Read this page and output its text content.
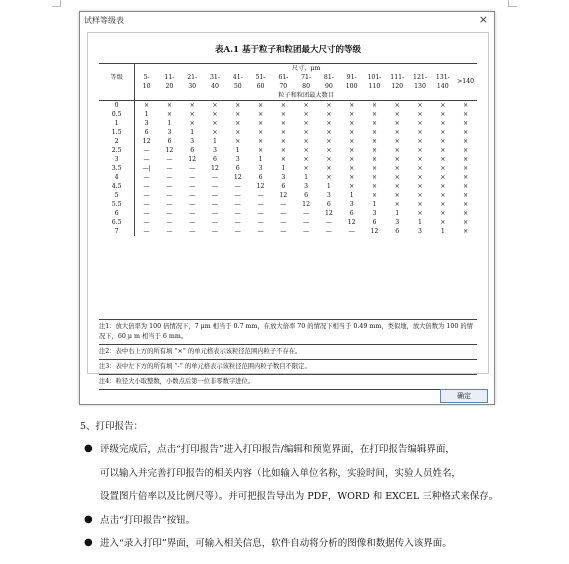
试样等级表	×
表A.1 基于粒子和粒团最大尺寸的等级
等级	尺寸，μm														
	5-	11-	21-	31-	41-	51-	61-	71-	81-	91-	101-	111-	121-	131-	>140
	10	20	30	40	50	60	70	80	90	100	110	120	130	140	
	粒子和粒团最大数目														
0	×	×	×	×	×	×	×	×	×	×	×	×	×	×	×
0.5	1	×	×	×	×	×	×	×	×	×	×	×	×	×	×
1	3	1	×	×	×	×	×	×	×	×	×	×	×	×	×
1.5	6	3	1	×	×	×	×	×	×	×	×	×	×	×	×
2	12	6	3	1	×	×	×	×	×	×	×	×	×	×	×
2.5	—	12	6	3	1	×	×	×	×	×	×	×	×	×	×
3	—	—	12	6	3	1	×	×	×	×	×	×	×	×	×
3.5	—|	—	—	12	6	3	1	×	×	×	×	×	×	×	×
4	—	—	—	—	12	6	3	1	×	×	×	×	×	×	×
4.5	—	—	—	—	—	12	6	3	1	×	×	×	×	×	×
5	—	—	—	—	—	—	12	6	3	1	×	×	×	×	×
5.5	—	—	—	—	—	—	—	12	6	3	1	×	×	×	×
6	—	—	—	—	—	—	—	—	12	6	3	1	×	×	×
6.5	—	—	—	—	—	—	—	—	—	12	6	3	1	×	×
7	—	—	—	—	—	—	—	—	—	—	12	6	3	1	×
注1：放大倍率为 100 倍情况下，7 μm 相当于 0.7 mm，在放大倍率 70 的情况下相当于 0.49 mm，类似地，放大倍数为 100 的情况下，60 μ m 相当于 6 mm。
注2：表中右上方的所有填 “×” 的单元格表示该粒径范围内粒子不存在。
注3：表中左下方的所有填 “-” 的单元格表示该粒径范围内粒子数目不限定。
注4：粒径大小取整数，小数点后第一位非零数字进位。
确定
5、打印报告：
● 评级完成后，点击“打印报告”进入打印报告/编辑和预览界面，在打印报告编辑界面，
可以输入并完善打印报告的相关内容（比如输入单位名称，实验时间，实验人员姓名，
设置图片倍率以及比例尺等）。并可把报告导出为 PDF，WORD 和 EXCEL 三种格式来保存。
● 点击“打印报告”按钮。
● 进入“录入打印”界面，可输入相关信息，软件自动将分析的图像和数据传入该界面。
